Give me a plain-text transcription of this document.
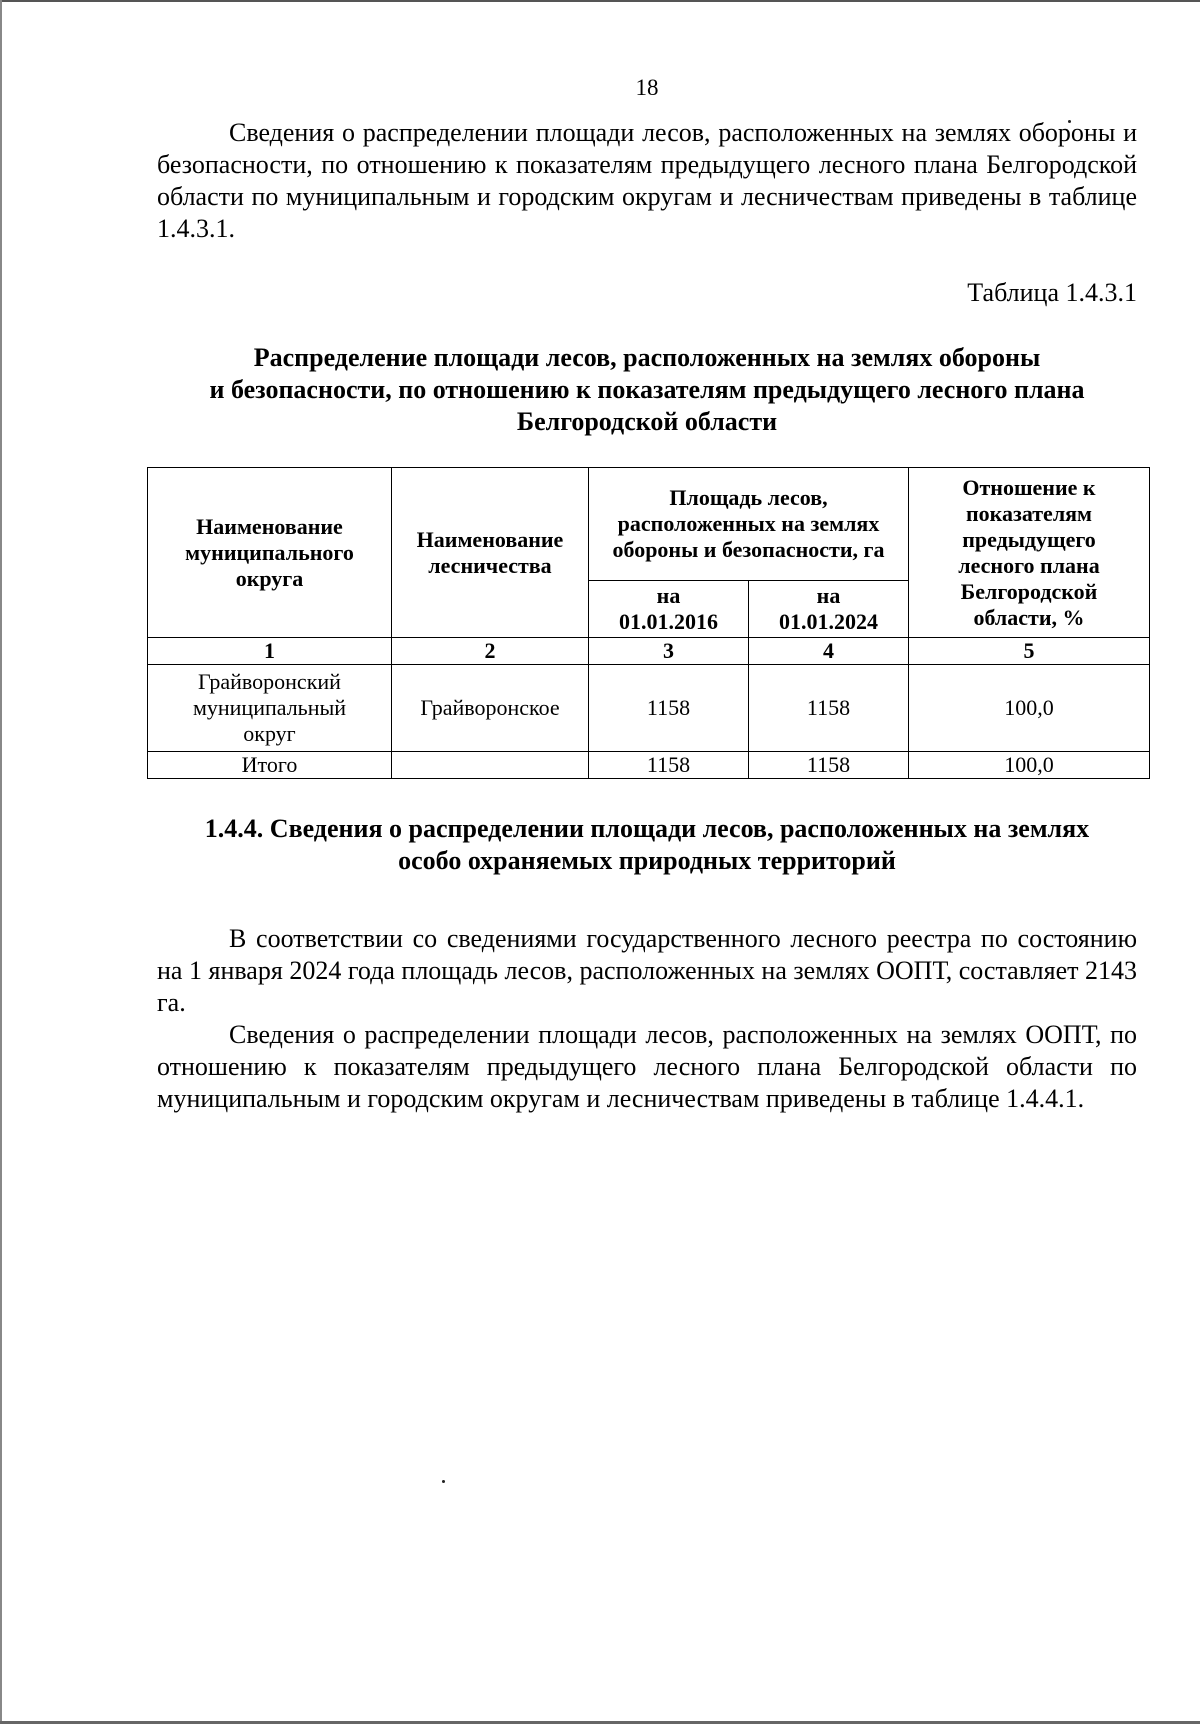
18

Сведения о распределении площади лесов, расположенных на землях обороны и безопасности, по отношению к показателям предыдущего лесного плана Белгородской области по муниципальным и городским округам и лесничествам приведены в таблице 1.4.3.1.

Таблица 1.4.3.1
Распределение площади лесов, расположенных на землях обороны
и безопасности, по отношению к показателям предыдущего лесного плана
Белгородской области
Наименование муниципального округа	Наименование лесничества	Площадь лесов, расположенных на землях обороны и безопасности, га		Отношение к показателям предыдущего лесного плана Белгородской области, %
		на 01.01.2016	на 01.01.2024	
1	2	3	4	5
Грайворонский муниципальный округ	Грайворонское	1158	1158	100,0
Итого		1158	1158	100,0
1.4.4. Сведения о распределении площади лесов, расположенных на землях
особо охраняемых природных территорий

В соответствии со сведениями государственного лесного реестра по состоянию на 1 января 2024 года площадь лесов, расположенных на землях ООПТ, составляет 2143 га.

Сведения о распределении площади лесов, расположенных на землях ООПТ, по отношению к показателям предыдущего лесного плана Белгородской области по муниципальным и городским округам и лесничествам приведены в таблице 1.4.4.1.
